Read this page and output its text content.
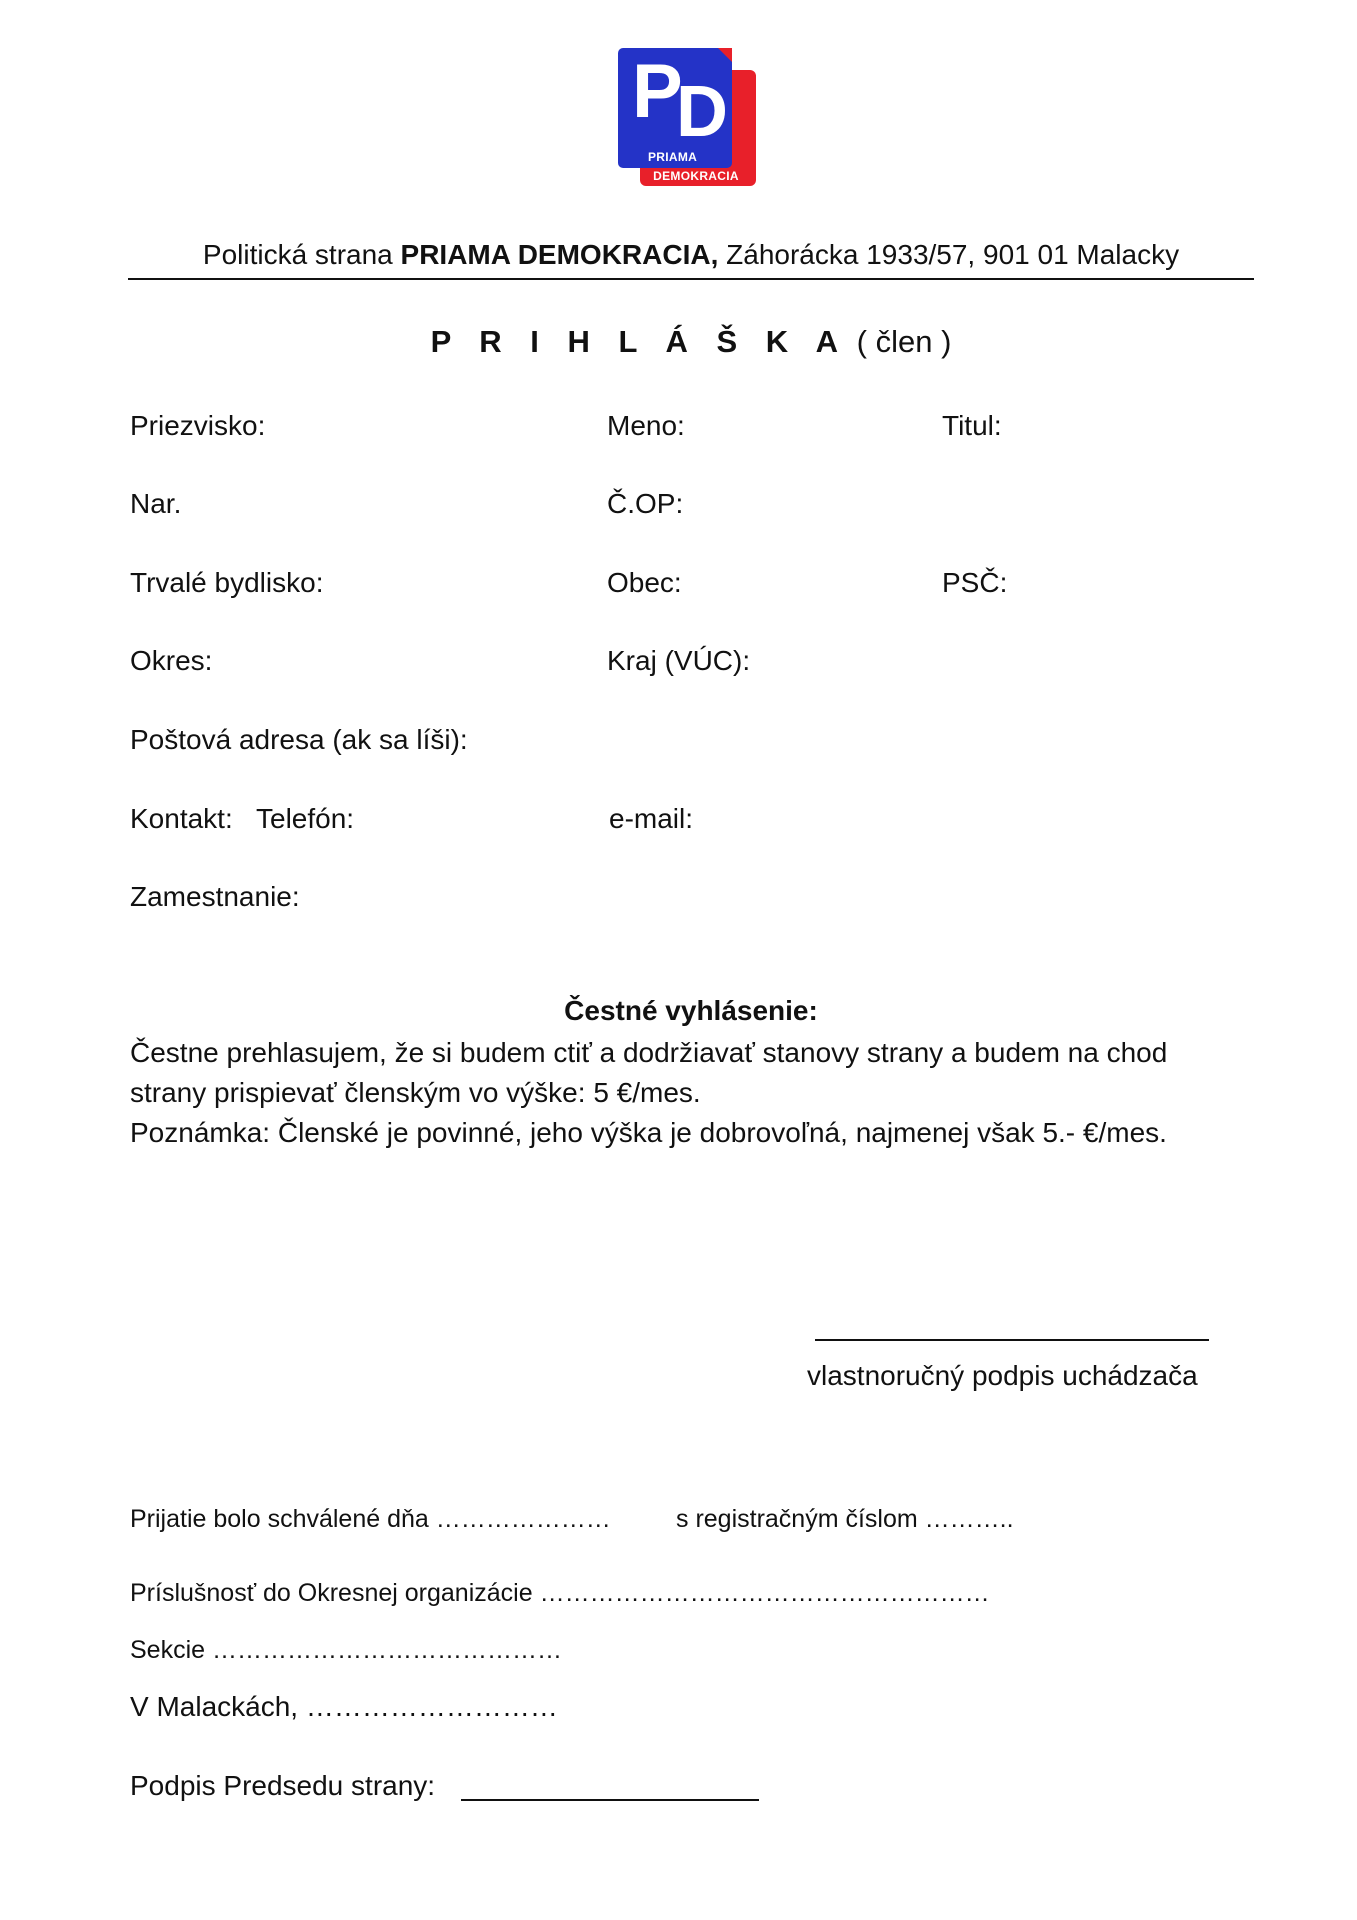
P
D
PRIAMA
DEMOKRACIA
Politická strana PRIAMA DEMOKRACIA, Záhorácka 1933/57, 901 01 Malacky
P R I H L Á Š K A ( člen )
Priezvisko:	Meno:	Titul:
Nar.	Č.OP:
Trvalé bydlisko:	Obec:	PSČ:
Okres:	Kraj (VÚC):
Poštová adresa (ak sa líši):
Kontakt: Telefón:	e-mail:
Zamestnanie:
Čestné vyhlásenie:
Čestne prehlasujem, že si budem ctiť a dodržiavať stanovy strany a budem na chod
strany prispievať členským vo výške: 5 €/mes.
Poznámka: Členské je povinné, jeho výška je dobrovoľná, najmenej však 5.- €/mes.
vlastnoručný podpis uchádzača
Prijatie bolo schválené dňa …………………	s registračným číslom ………..
Príslušnosť do Okresnej organizácie ………………………………………………
Sekcie ……………………………………
V Malackách, ………………………
Podpis Predsedu strany:
